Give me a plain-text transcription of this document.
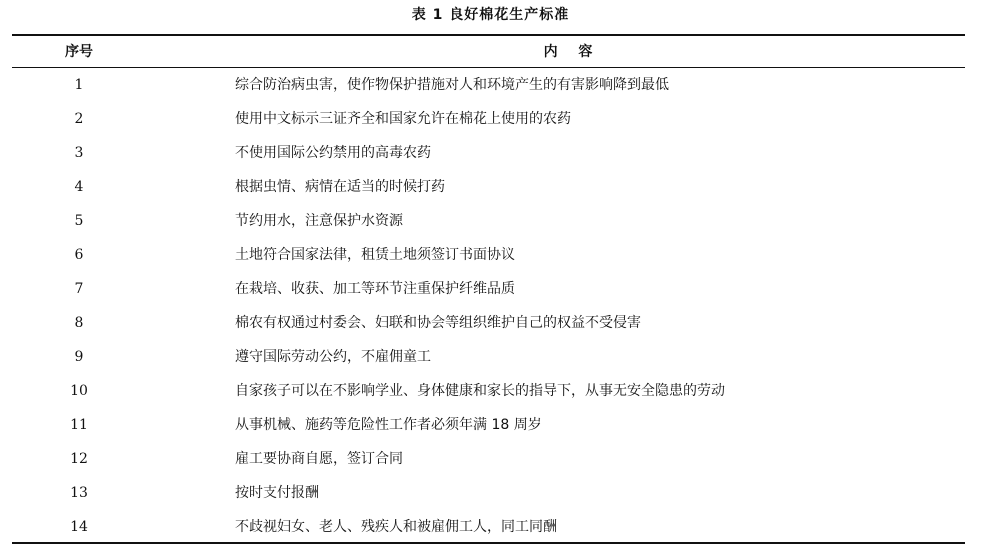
表 1 良好棉花生产标准
序号	内 容
1	综合防治病虫害，使作物保护措施对人和环境产生的有害影响降到最低
2	使用中文标示三证齐全和国家允许在棉花上使用的农药
3	不使用国际公约禁用的高毒农药
4	根据虫情、病情在适当的时候打药
5	节约用水，注意保护水资源
6	土地符合国家法律，租赁土地须签订书面协议
7	在栽培、收获、加工等环节注重保护纤维品质
8	棉农有权通过村委会、妇联和协会等组织维护自己的权益不受侵害
9	遵守国际劳动公约，不雇佣童工
10	自家孩子可以在不影响学业、身体健康和家长的指导下，从事无安全隐患的劳动
11	从事机械、施药等危险性工作者必须年满 18 周岁
12	雇工要协商自愿，签订合同
13	按时支付报酬
14	不歧视妇女、老人、残疾人和被雇佣工人，同工同酬
